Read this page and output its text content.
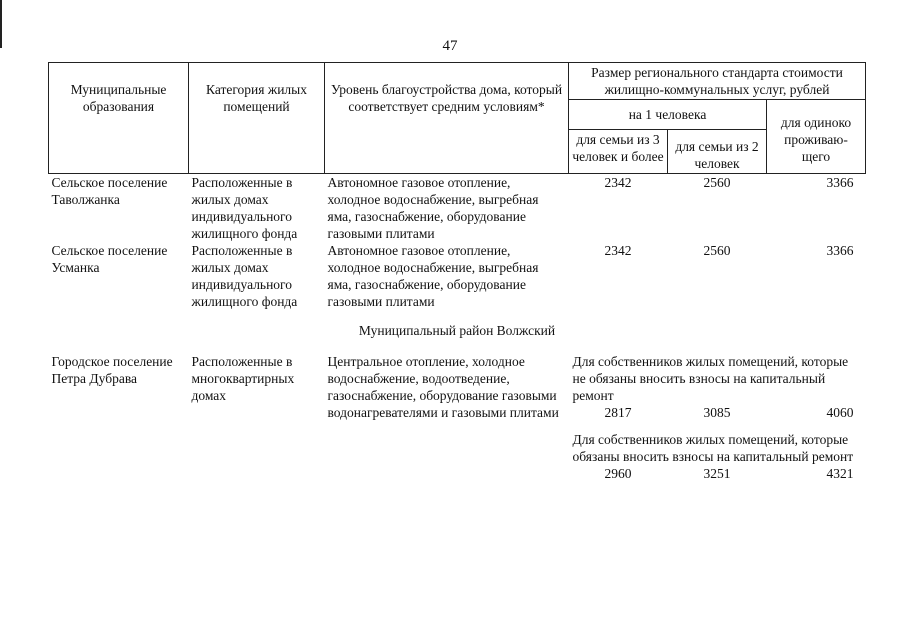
47
Муниципальные образования	Категория жилых помещений	Уровень благоустройства дома, который соответствует средним условиям*	Размер регионального стандарта стоимости жилищно-коммунальных услуг, рублей		
			на 1 человека		для одиноко проживаю-щего
			для семьи из 3 человек и более	для семьи из 2 человек	
Сельское поселение Таволжанка	Расположенные в жилых домах индивидуального жилищного фонда	Автономное газовое отопление, холодное водоснабжение, выгребная яма, газоснабжение, оборудование газовыми плитами	2342	2560	3366
Сельское поселение Усманка	Расположенные в жилых домах индивидуального жилищного фонда	Автономное газовое отопление, холодное водоснабжение, выгребная яма, газоснабжение, оборудование газовыми плитами	2342	2560	3366
Муниципальный район Волжский					
Городское поселение Петра Дубрава	Расположенные в многоквартирных домах	Центральное отопление, холодное водоснабжение, водоотведение, газоснабжение, оборудование газовыми водонагревателями и газовыми плитами	Для собственников жилых помещений, которые не обязаны вносить взносы на капитальный ремонт		
			2817	3085	4060
			Для собственников жилых помещений, которые обязаны вносить взносы на капитальный ремонт		
			2960	3251	4321
